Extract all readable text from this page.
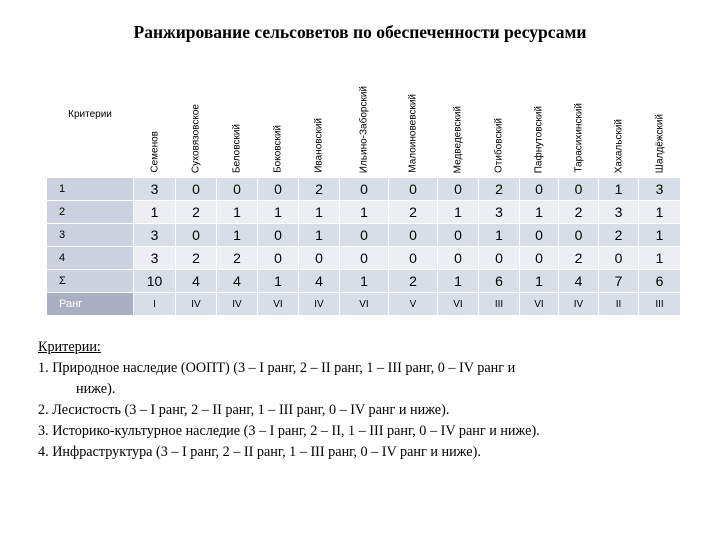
Ранжирование сельсоветов по обеспеченности ресурсами
Критерии	Семенов	Суховязовское	Беловский	Боковский	Ивановский	Ильино-Заборский	Малоиновевский	Медведевский	Отибовский	Пафнутовский	Тарасихинский	Хахальский	Шалдёжский

1	3	0	0	0	2	0	0	0	2	0	0	1	3
2	1	2	1	1	1	1	2	1	3	1	2	3	1
3	3	0	1	0	1	0	0	0	1	0	0	2	1
4	3	2	2	0	0	0	0	0	0	0	2	0	1
Σ	10	4	4	1	4	1	2	1	6	1	4	7	6
Ранг	I	IV	IV	VI	IV	VI	V	VI	III	VI	IV	II	III
Критерии:
1. Природное наследие (ООПТ) (3 – I ранг, 2 – II ранг, 1 – III ранг, 0 – IV ранг и
ниже).
2. Лесистость (3 – I ранг, 2 – II ранг, 1 – III ранг, 0 – IV ранг и ниже).
3. Историко-культурное наследие (3 – I ранг, 2 – II, 1 – III ранг, 0 – IV ранг и ниже).
4. Инфраструктура (3 – I ранг, 2 – II ранг, 1 – III ранг, 0 – IV ранг и ниже).
